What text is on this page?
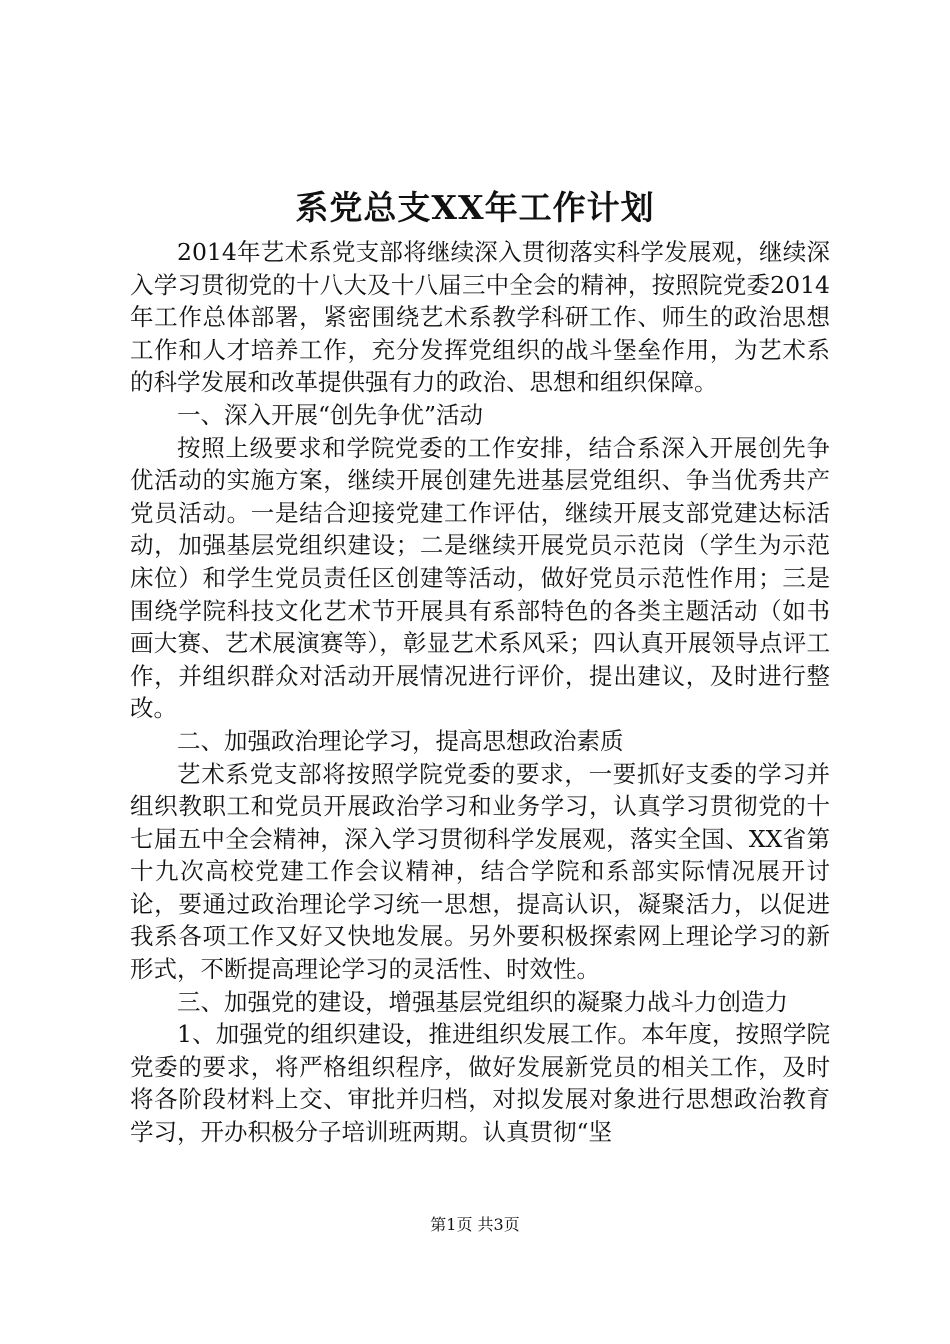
系党总支XX年工作计划

2014年艺术系党支部将继续深入贯彻落实科学发展观，继续深入学习贯彻党的十八大及十八届三中全会的精神，按照院党委2014年工作总体部署，紧密围绕艺术系教学科研工作、师生的政治思想工作和人才培养工作，充分发挥党组织的战斗堡垒作用，为艺术系的科学发展和改革提供强有力的政治、思想和组织保障。

一、深入开展“创先争优”活动

按照上级要求和学院党委的工作安排，结合系深入开展创先争优活动的实施方案，继续开展创建先进基层党组织、争当优秀共产党员活动。一是结合迎接党建工作评估，继续开展支部党建达标活动，加强基层党组织建设；二是继续开展党员示范岗（学生为示范床位）和学生党员责任区创建等活动，做好党员示范性作用；三是围绕学院科技文化艺术节开展具有系部特色的各类主题活动（如书画大赛、艺术展演赛等），彰显艺术系风采；四认真开展领导点评工作，并组织群众对活动开展情况进行评价，提出建议，及时进行整改。

二、加强政治理论学习，提高思想政治素质

艺术系党支部将按照学院党委的要求，一要抓好支委的学习并组织教职工和党员开展政治学习和业务学习，认真学习贯彻党的十七届五中全会精神，深入学习贯彻科学发展观，落实全国、XX省第十九次高校党建工作会议精神，结合学院和系部实际情况展开讨论，要通过政治理论学习统一思想，提高认识，凝聚活力，以促进我系各项工作又好又快地发展。另外要积极探索网上理论学习的新形式，不断提高理论学习的灵活性、时效性。

三、加强党的建设，增强基层党组织的凝聚力战斗力创造力

1、加强党的组织建设，推进组织发展工作。本年度，按照学院党委的要求，将严格组织程序，做好发展新党员的相关工作，及时将各阶段材料上交、审批并归档，对拟发展对象进行思想政治教育学习，开办积极分子培训班两期。认真贯彻“坚

第1页 共3页
